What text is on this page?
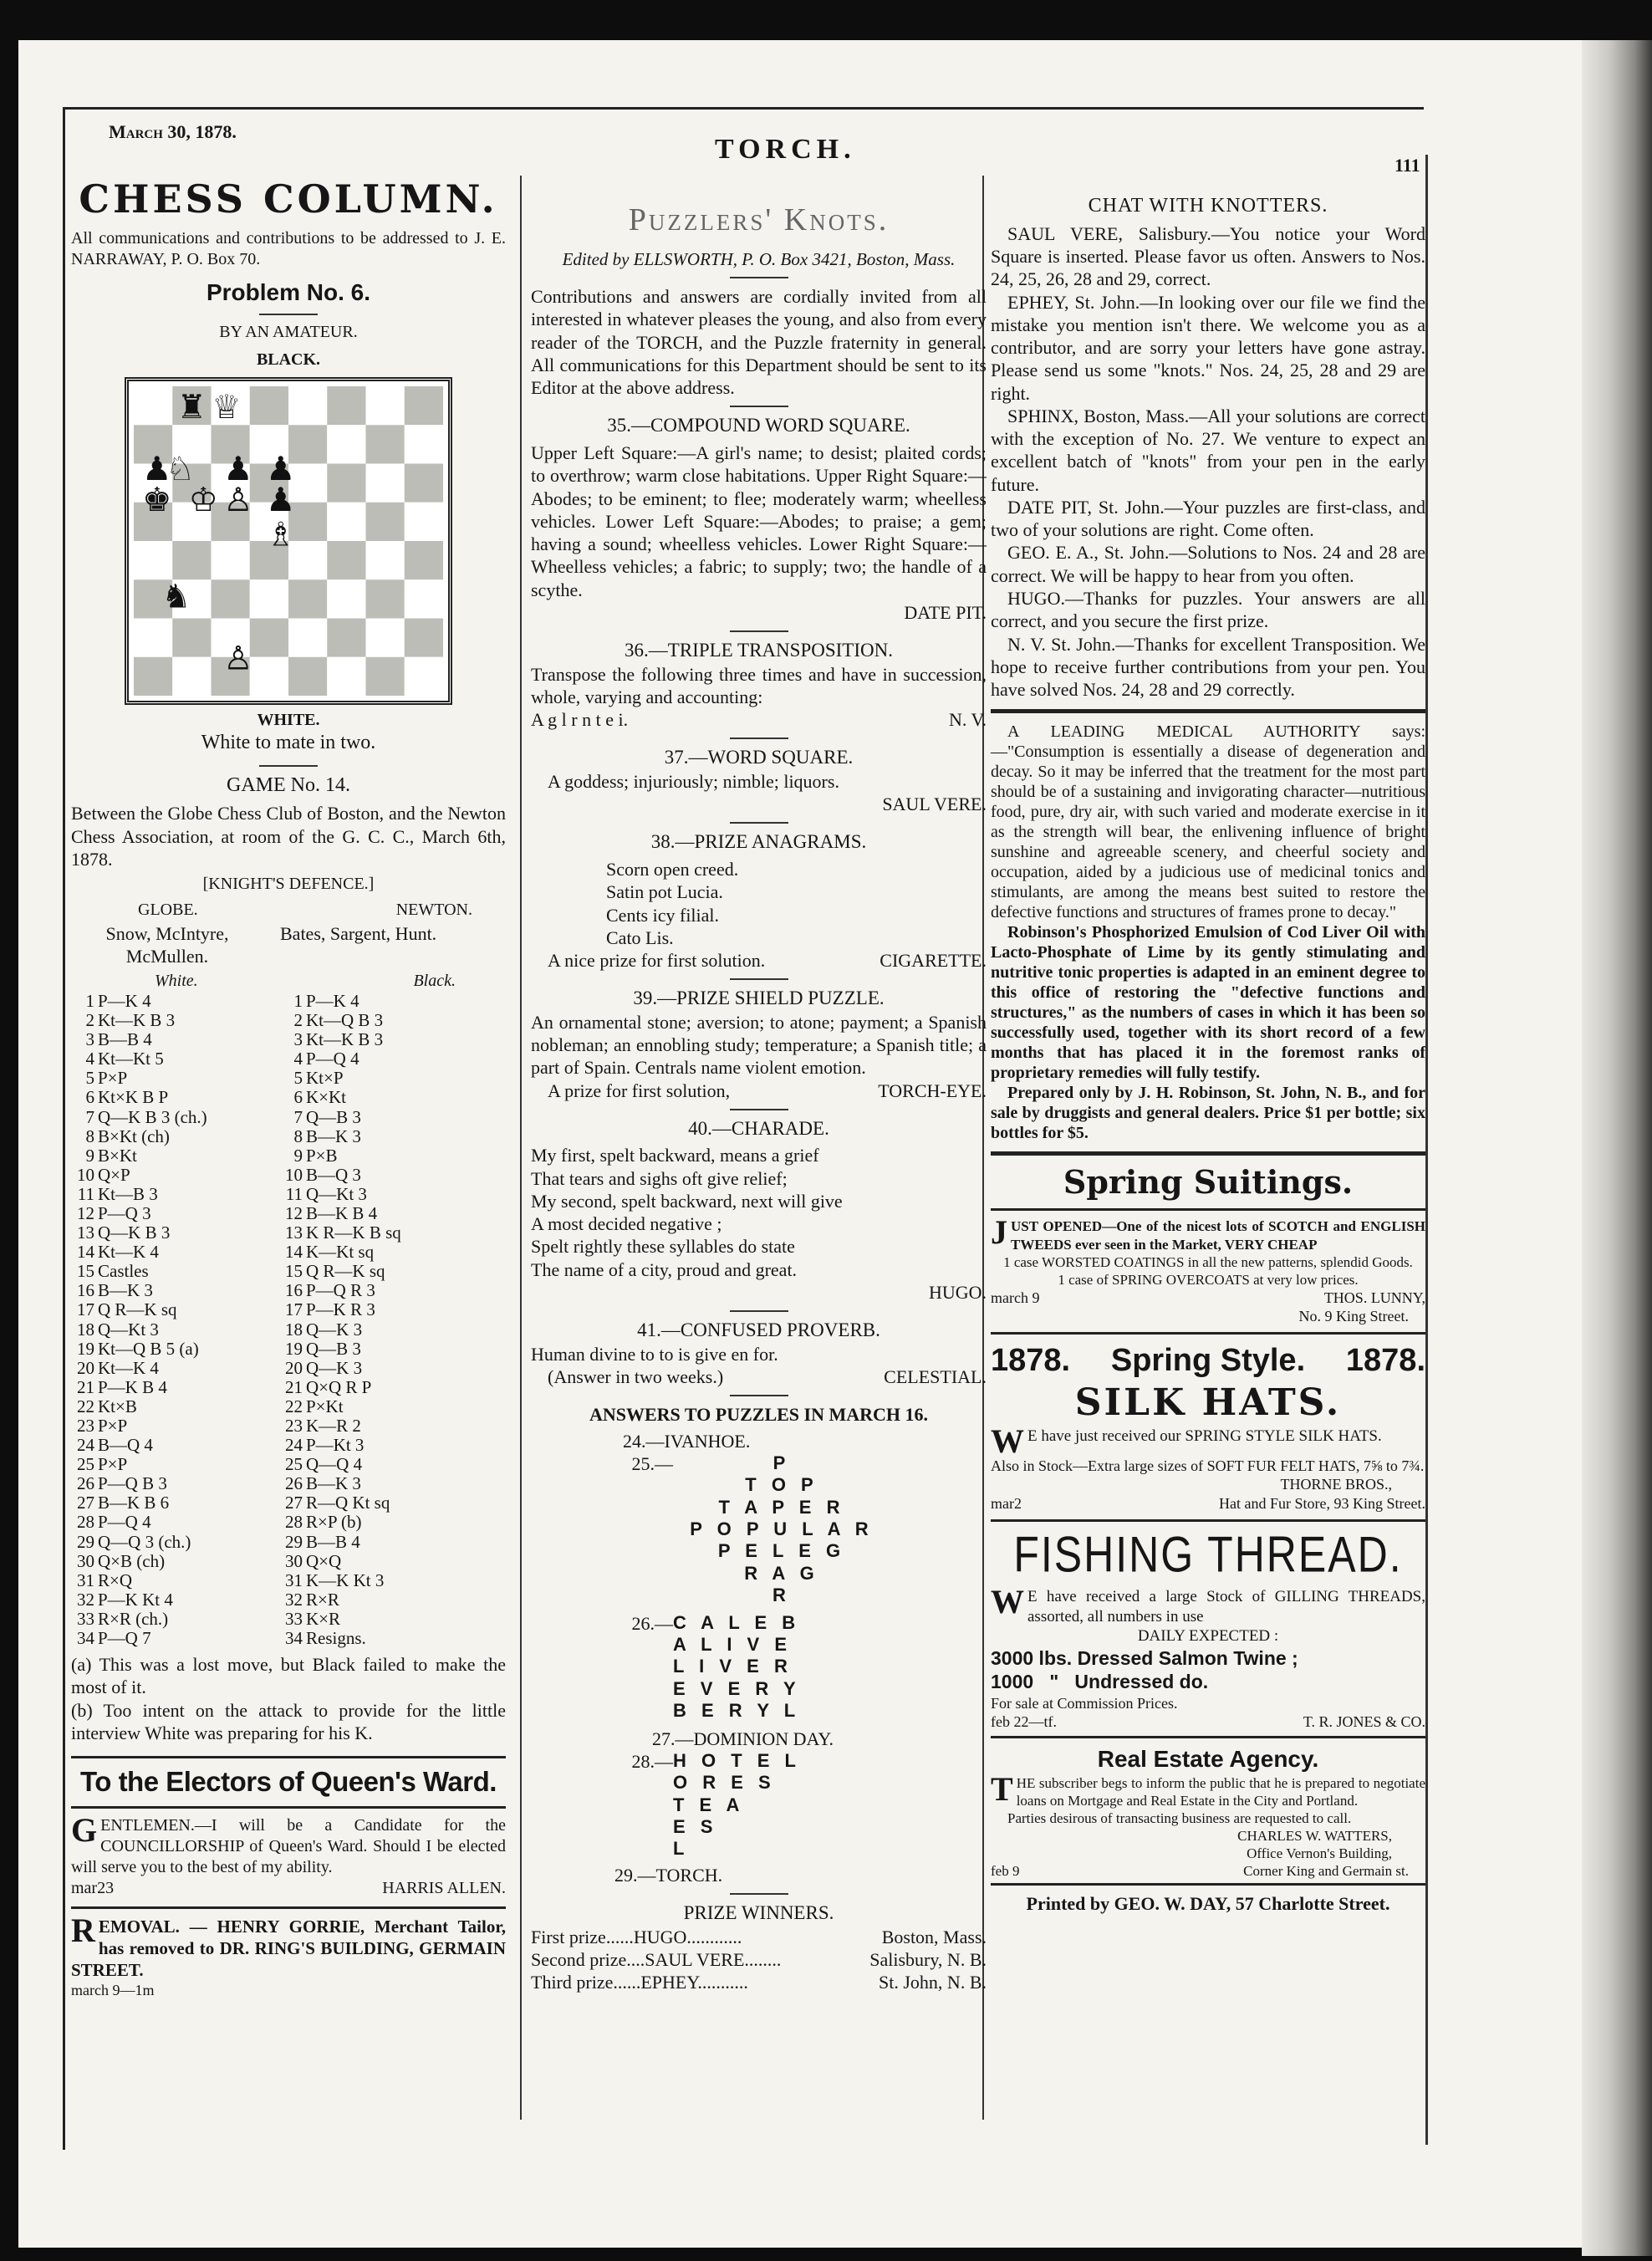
March 30, 1878.
TORCH.
111
CHESS COLUMN.
All communications and contributions to be addressed to J. E. NARRAWAY, P. O. Box 70.
Problem No. 6.
BY AN AMATEUR.
BLACK.
WHITE.
White to mate in two.
GAME No. 14.
Between the Globe Chess Club of Boston, and the Newton Chess Association, at room of the G. C. C., March 6th, 1878.
[KNIGHT'S DEFENCE.]
GLOBE.	NEWTON.
Snow, McIntyre, McMullen.
Bates, Sargent, Hunt.
White.	Black.
1	P—K 4	1	P—K 4
2	Kt—K B 3	2	Kt—Q B 3
3	B—B 4	3	Kt—K B 3
4	Kt—Kt 5	4	P—Q 4
5	P×P	5	Kt×P
6	Kt×K B P	6	K×Kt
7	Q—K B 3 (ch.)	7	Q—B 3
8	B×Kt (ch)	8	B—K 3
9	B×Kt	9	P×B
10	Q×P	10	B—Q 3
11	Kt—B 3	11	Q—Kt 3
12	P—Q 3	12	B—K B 4
13	Q—K B 3	13	K R—K B sq
14	Kt—K 4	14	K—Kt sq
15	Castles	15	Q R—K sq
16	B—K 3	16	P—Q R 3
17	Q R—K sq	17	P—K R 3
18	Q—Kt 3	18	Q—K 3
19	Kt—Q B 5 (a)	19	Q—B 3
20	Kt—K 4	20	Q—K 3
21	P—K B 4	21	Q×Q R P
22	Kt×B	22	P×Kt
23	P×P	23	K—R 2
24	B—Q 4	24	P—Kt 3
25	P×P	25	Q—Q 4
26	P—Q B 3	26	B—K 3
27	B—K B 6	27	R—Q Kt sq
28	P—Q 4	28	R×P (b)
29	Q—Q 3 (ch.)	29	B—B 4
30	Q×B (ch)	30	Q×Q
31	R×Q	31	K—K Kt 3
32	P—K Kt 4	32	R×R
33	R×R (ch.)	33	K×R
34	P—Q 7	34	Resigns.
(a) This was a lost move, but Black failed to make the most of it.
(b) Too intent on the attack to provide for the little interview White was preparing for his K.
To the Electors of Queen's Ward.
GENTLEMEN.—I will be a Candidate for the COUNCILLORSHIP of Queen's Ward. Should I be elected will serve you to the best of my ability.
mar23	HARRIS ALLEN.
REMOVAL. — HENRY GORRIE, Merchant Tailor, has removed to DR. RING'S BUILDING, GERMAIN STREET.
march 9—1m
Puzzlers' Knots.
Edited by ELLSWORTH, P. O. Box 3421, Boston, Mass.
Contributions and answers are cordially invited from all interested in whatever pleases the young, and also from every reader of the TORCH, and the Puzzle fraternity in general. All communications for this Department should be sent to its Editor at the above address.
35.—COMPOUND WORD SQUARE.
Upper Left Square:—A girl's name; to desist; plaited cords; to overthrow; warm close habitations. Upper Right Square:—Abodes; to be eminent; to flee; moderately warm; wheelless vehicles. Lower Left Square:—Abodes; to praise; a gem; having a sound; wheelless vehicles. Lower Right Square:—Wheelless vehicles; a fabric; to supply; two; the handle of a scythe.
DATE PIT.
36.—TRIPLE TRANSPOSITION.
Transpose the following three times and have in succession, whole, varying and accounting:
A g l r n t e i.	N. V.
37.—WORD SQUARE.
A goddess; injuriously; nimble; liquors.
SAUL VERE.
38.—PRIZE ANAGRAMS.
Scorn open creed.
Satin pot Lucia.
Cents icy filial.
Cato Lis.
A nice prize for first solution.	CIGARETTE.
39.—PRIZE SHIELD PUZZLE.
An ornamental stone; aversion; to atone; payment; a Spanish nobleman; an ennobling study; temperature; a Spanish title; a part of Spain. Centrals name violent emotion.
A prize for first solution,	TORCH-EYE.
40.—CHARADE.
My first, spelt backward, means a grief
That tears and sighs oft give relief;
My second, spelt backward, next will give
A most decided negative ;
Spelt rightly these syllables do state
The name of a city, proud and great.
HUGO.
41.—CONFUSED PROVERB.
Human divine to to is give en for.
(Answer in two weeks.)	CELESTIAL.
ANSWERS TO PUZZLES IN MARCH 16.
24.—IVANHOE.
25.—	P
T O P
T A P E R
P O P U L A R
P E L E G
R A G
R
26.— C A L E B
A L I V E
L I V E R
E V E R Y
B E R Y L
27.—DOMINION DAY.
28.— H O T E L
O R E S
T E A
E S
L
29.—TORCH.
PRIZE WINNERS.
First prize......HUGO............	Boston, Mass.
Second prize....SAUL VERE........	Salisbury, N. B.
Third prize......EPHEY...........	St. John, N. B.
CHAT WITH KNOTTERS.
SAUL VERE, Salisbury.—You notice your Word Square is inserted. Please favor us often. Answers to Nos. 24, 25, 26, 28 and 29, correct.
EPHEY, St. John.—In looking over our file we find the mistake you mention isn't there. We welcome you as a contributor, and are sorry your letters have gone astray. Please send us some "knots." Nos. 24, 25, 28 and 29 are right.
SPHINX, Boston, Mass.—All your solutions are correct with the exception of No. 27. We venture to expect an excellent batch of "knots" from your pen in the early future.
DATE PIT, St. John.—Your puzzles are first-class, and two of your solutions are right. Come often.
GEO. E. A., St. John.—Solutions to Nos. 24 and 28 are correct. We will be happy to hear from you often.
HUGO.—Thanks for puzzles. Your answers are all correct, and you secure the first prize.
N. V. St. John.—Thanks for excellent Transposition. We hope to receive further contributions from your pen. You have solved Nos. 24, 28 and 29 correctly.
A LEADING MEDICAL AUTHORITY says:—"Consumption is essentially a disease of degeneration and decay. So it may be inferred that the treatment for the most part should be of a sustaining and invigorating character—nutritious food, pure, dry air, with such varied and moderate exercise in it as the strength will bear, the enlivening influence of bright sunshine and agreeable scenery, and cheerful society and occupation, aided by a judicious use of medicinal tonics and stimulants, are among the means best suited to restore the defective functions and structures of frames prone to decay."
Robinson's Phosphorized Emulsion of Cod Liver Oil with Lacto-Phosphate of Lime by its gently stimulating and nutritive tonic properties is adapted in an eminent degree to this office of restoring the "defective functions and structures," as the numbers of cases in which it has been so successfully used, together with its short record of a few months that has placed it in the foremost ranks of proprietary remedies will fully testify.
Prepared only by J. H. Robinson, St. John, N. B., and for sale by druggists and general dealers. Price $1 per bottle; six bottles for $5.
Spring Suitings.
JUST OPENED—One of the nicest lots of SCOTCH and ENGLISH TWEEDS ever seen in the Market, VERY CHEAP
1 case WORSTED COATINGS in all the new patterns, splendid Goods.
1 case of SPRING OVERCOATS at very low prices.
march 9	THOS. LUNNY,
No. 9 King Street.
1878. Spring Style. 1878.
SILK HATS.
W E have just received our SPRING STYLE SILK HATS.
Also in Stock—Extra large sizes of SOFT FUR FELT HATS, 7⅝ to 7¾.
THORNE BROS.,
mar2	Hat and Fur Store, 93 King Street.
FISHING THREAD.
W E have received a large Stock of GILLING THREADS, assorted, all numbers in use
DAILY EXPECTED :
3000 lbs. Dressed Salmon Twine ;
1000   "   Undressed do.
For sale at Commission Prices.
feb 22—tf.	T. R. JONES & CO.
Real Estate Agency.
THE subscriber begs to inform the public that he is prepared to negotiate loans on Mortgage and Real Estate in the City and Portland.
Parties desirous of transacting business are requested to call.
CHARLES W. WATTERS,
Office Vernon's Building,
feb 9	Corner King and Germain st.
Printed by GEO. W. DAY, 57 Charlotte Street.
